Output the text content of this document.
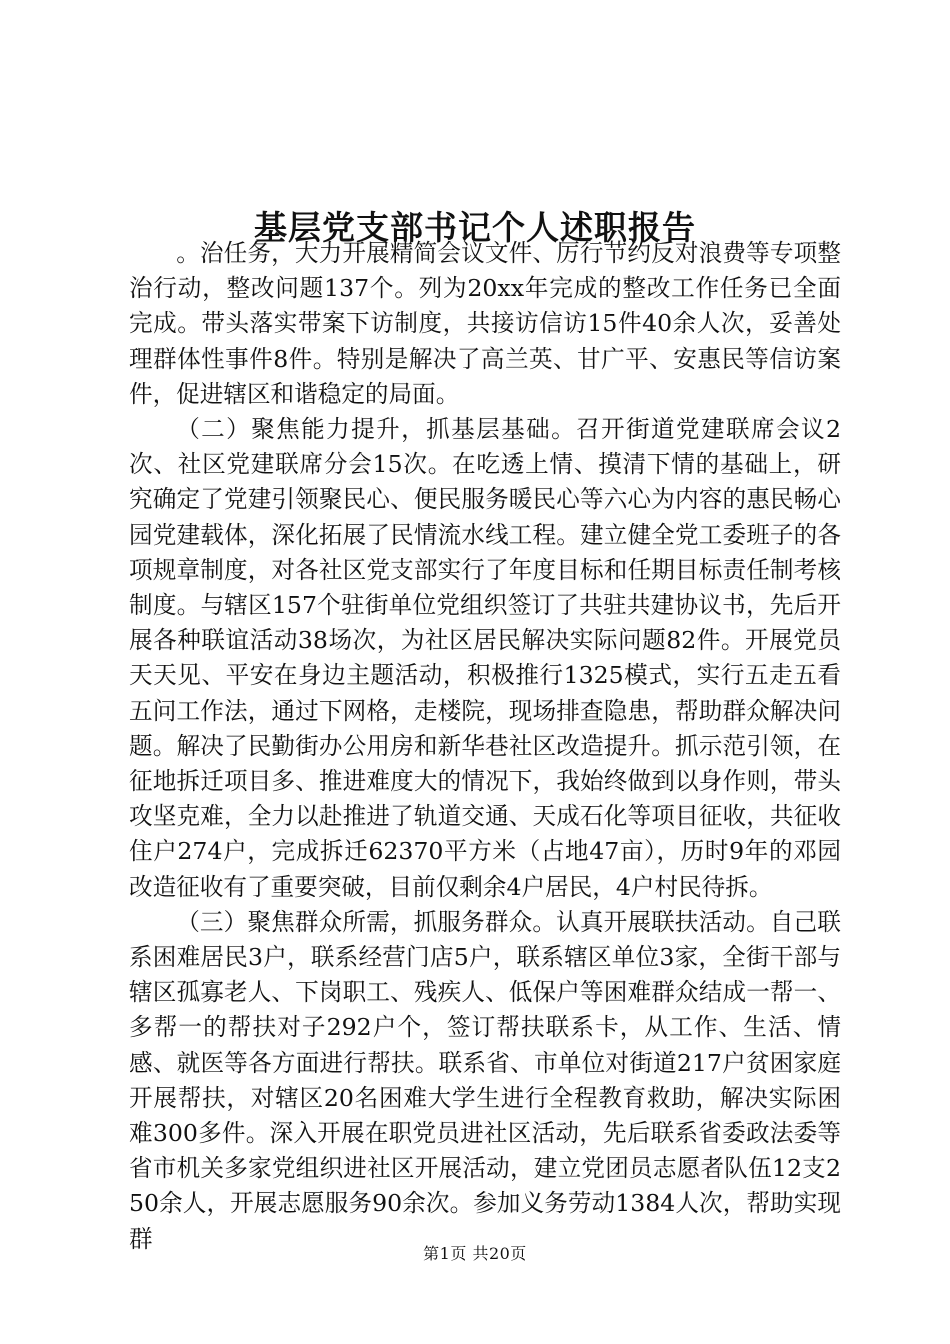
基层党支部书记个人述职报告

。治任务，大力开展精简会议文件、厉行节约反对浪费等专项整治行动，整改问题137个。列为20xx年完成的整改工作任务已全面完成。带头落实带案下访制度，共接访信访15件40余人次，妥善处理群体性事件8件。特别是解决了高兰英、甘广平、安惠民等信访案件，促进辖区和谐稳定的局面。

（二）聚焦能力提升，抓基层基础。召开街道党建联席会议2次、社区党建联席分会15次。在吃透上情、摸清下情的基础上，研究确定了党建引领聚民心、便民服务暖民心等六心为内容的惠民畅心园党建载体，深化拓展了民情流水线工程。建立健全党工委班子的各项规章制度，对各社区党支部实行了年度目标和任期目标责任制考核制度。与辖区157个驻街单位党组织签订了共驻共建协议书，先后开展各种联谊活动38场次，为社区居民解决实际问题82件。开展党员天天见、平安在身边主题活动，积极推行1325模式，实行五走五看五问工作法，通过下网格，走楼院，现场排查隐患，帮助群众解决问题。解决了民勤街办公用房和新华巷社区改造提升。抓示范引领，在征地拆迁项目多、推进难度大的情况下，我始终做到以身作则，带头攻坚克难，全力以赴推进了轨道交通、天成石化等项目征收，共征收住户274户，完成拆迁62370平方米（占地47亩），历时9年的邓园改造征收有了重要突破，目前仅剩余4户居民，4户村民待拆。

（三）聚焦群众所需，抓服务群众。认真开展联扶活动。自己联系困难居民3户，联系经营门店5户，联系辖区单位3家，全街干部与辖区孤寡老人、下岗职工、残疾人、低保户等困难群众结成一帮一、多帮一的帮扶对子292户个，签订帮扶联系卡，从工作、生活、情感、就医等各方面进行帮扶。联系省、市单位对街道217户贫困家庭开展帮扶，对辖区20名困难大学生进行全程教育救助，解决实际困难300多件。深入开展在职党员进社区活动，先后联系省委政法委等省市机关多家党组织进社区开展活动，建立党团员志愿者队伍12支250余人，开展志愿服务90余次。参加义务劳动1384人次，帮助实现群

第1页 共20页
